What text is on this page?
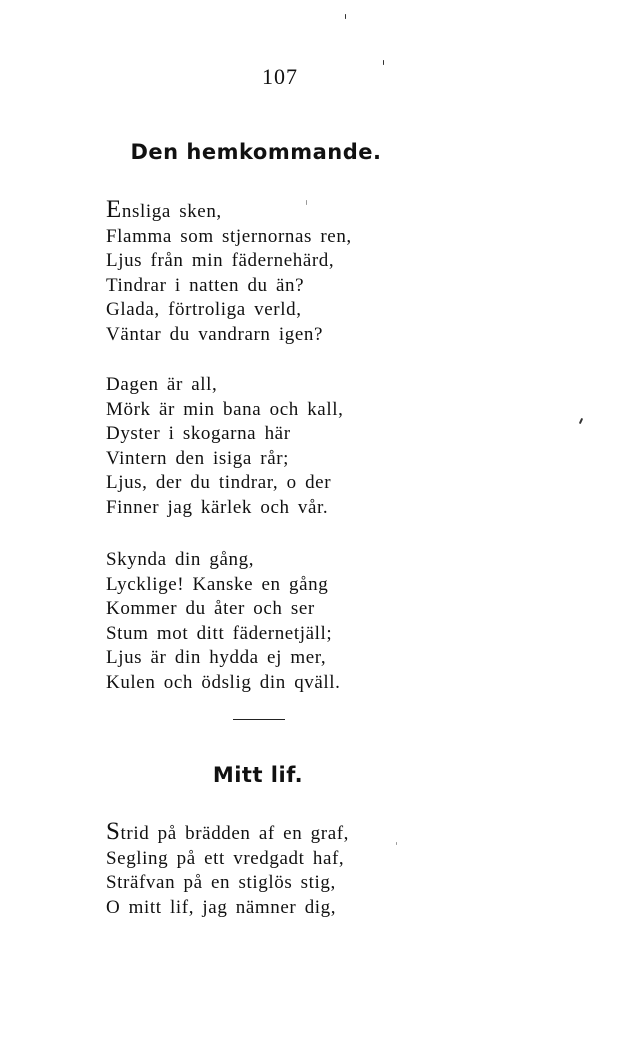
107
Den hemkommande.
Ensliga sken,
Flamma som stjernornas ren,
Ljus från min fädernehärd,
Tindrar i natten du än?
Glada, förtroliga verld,
Väntar du vandrarn igen?
Dagen är all,
Mörk är min bana och kall,
Dyster i skogarna här
Vintern den isiga rår;
Ljus, der du tindrar, o der
Finner jag kärlek och vår.
Skynda din gång,
Lycklige! Kanske en gång
Kommer du åter och ser
Stum mot ditt fädernetjäll;
Ljus är din hydda ej mer,
Kulen och ödslig din qväll.
Mitt lif.
Strid på brädden af en graf,
Segling på ett vredgadt haf,
Sträfvan på en stiglös stig,
O mitt lif, jag nämner dig,
